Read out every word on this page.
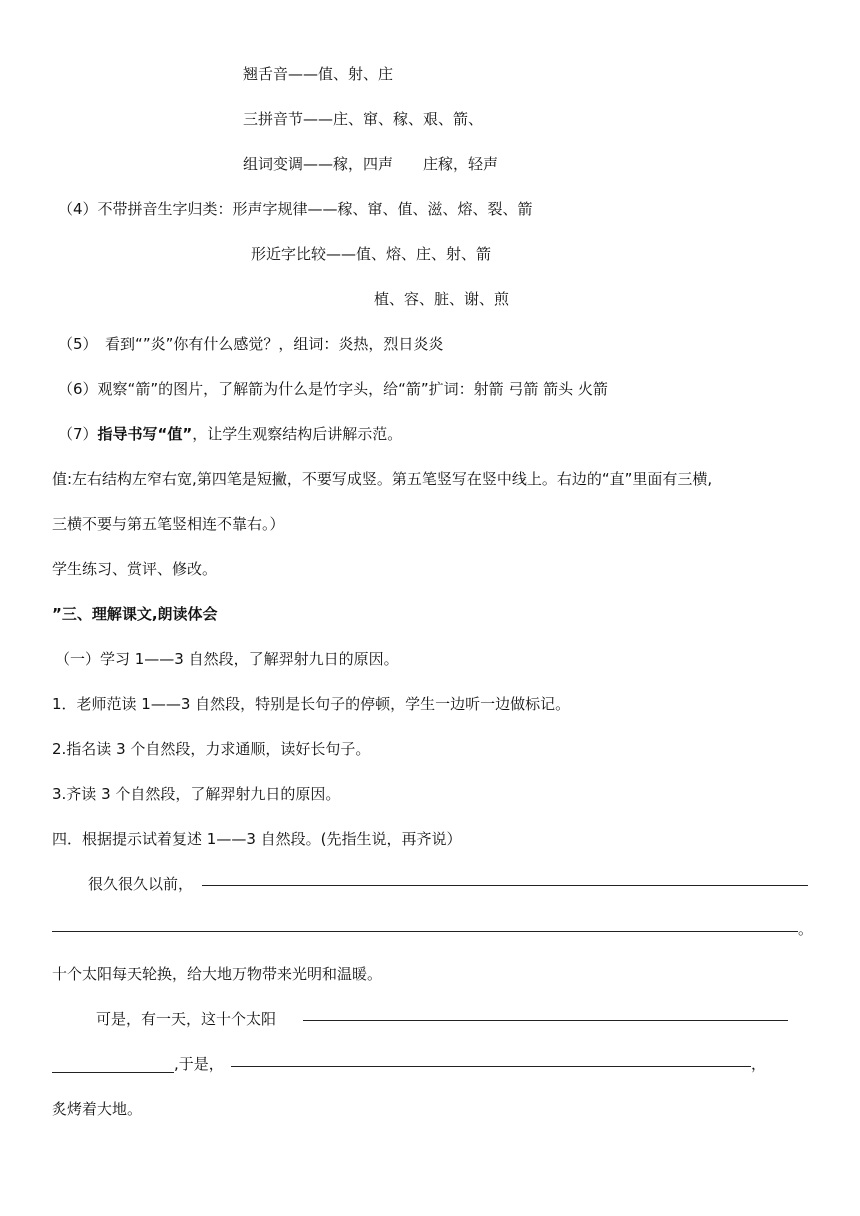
翘舌音——值、射、庄
三拼音节——庄、窜、稼、艰、箭、
组词变调——稼，四声　　庄稼，轻声
（4）不带拼音生字归类：形声字规律——稼、窜、值、滋、熔、裂、箭
形近字比较——值、熔、庄、射、箭
植、容、脏、谢、煎
（5）　看到“”炎”你有什么感觉？，组词：炎热，烈日炎炎
（6）观察“箭”的图片，了解箭为什么是竹字头，给“箭”扩词：射箭 弓箭 箭头 火箭
（7）指导书写“值”，让学生观察结构后讲解示范。
值:左右结构左窄右宽,第四笔是短撇，不要写成竖。第五笔竖写在竖中线上。右边的“直”里面有三横,
三横不要与第五笔竖相连不靠右。）
学生练习、赏评、修改。
”三、理解课文,朗读体会
（一）学习 1——3 自然段，了解羿射九日的原因。
1．老师范读 1——3 自然段，特别是长句子的停顿，学生一边听一边做标记。
2.指名读 3 个自然段，力求通顺，读好长句子。
3.齐读 3 个自然段，了解羿射九日的原因。
四．根据提示试着复述 1——3 自然段。(先指生说，再齐说）
很久很久以前，
。
十个太阳每天轮换，给大地万物带来光明和温暖。
可是，有一天，这十个太阳
,于是，	，
炙烤着大地。
